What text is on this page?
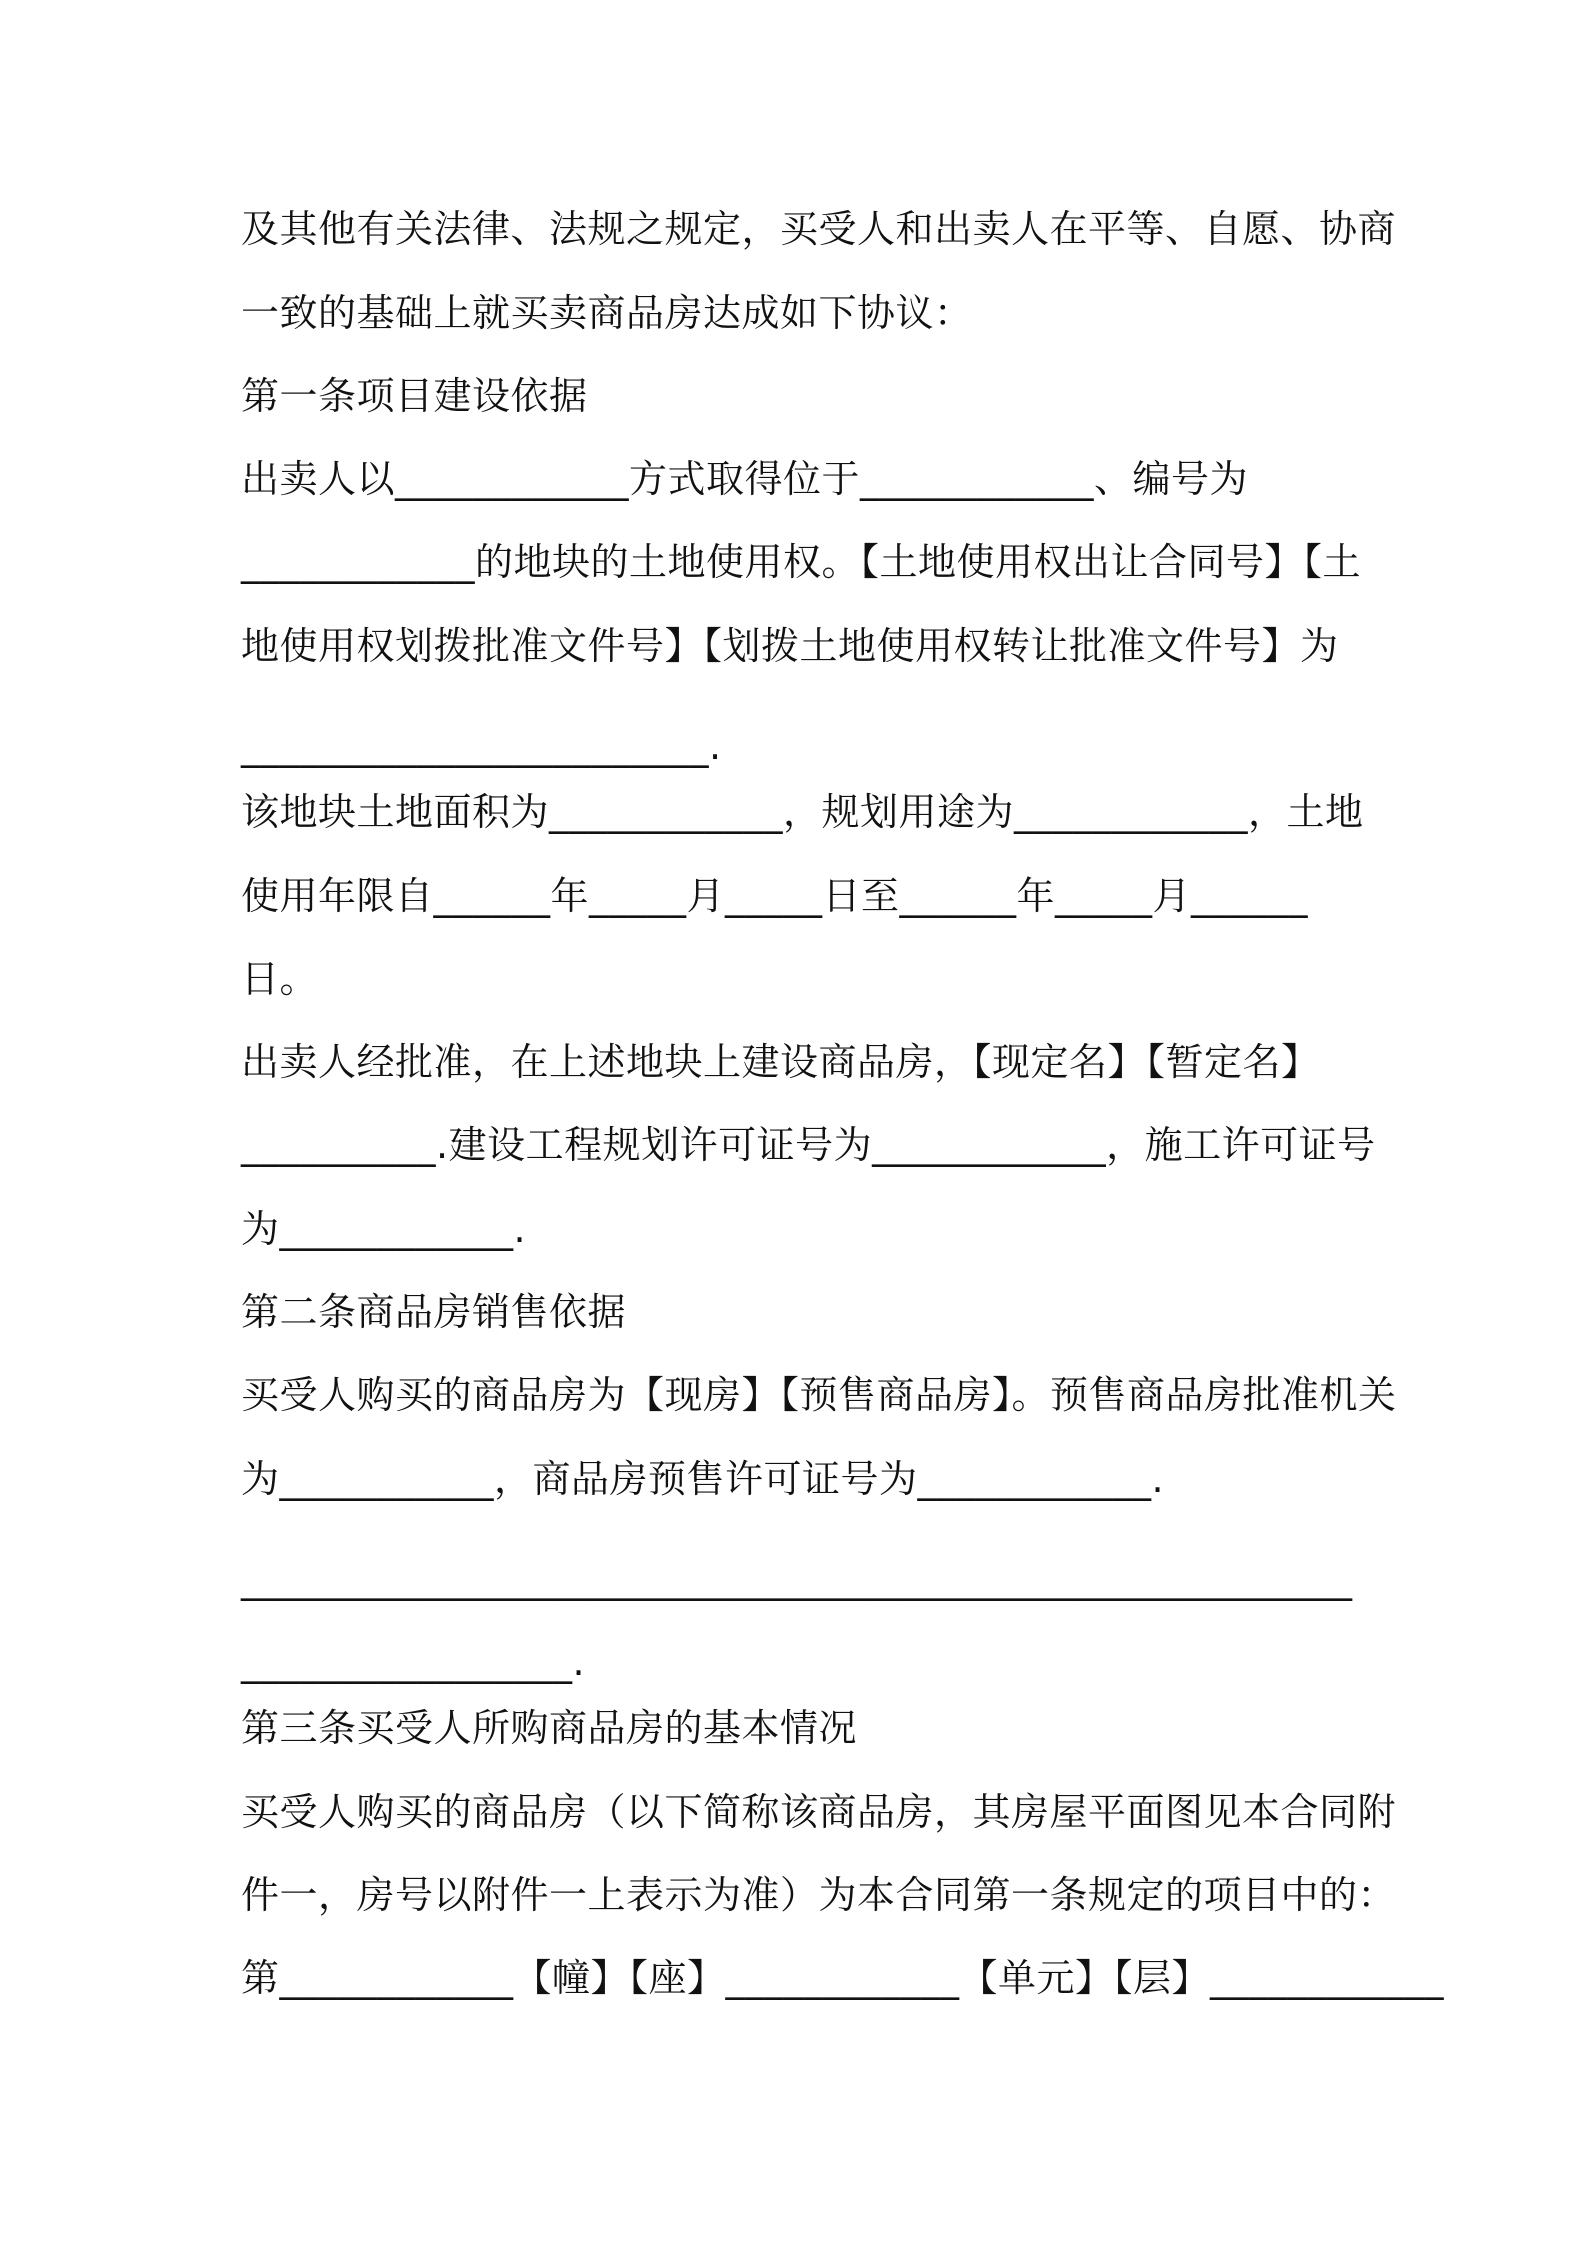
及其他有关法律、法规之规定，买受人和出卖人在平等、自愿、协商
一致的基础上就买卖商品房达成如下协议：
第一条项目建设依据
出卖人以____________方式取得位于____________、编号为
____________的地块的土地使用权。【土地使用权出让合同号】【土
地使用权划拨批准文件号】【划拨土地使用权转让批准文件号】为
________________________.
该地块土地面积为____________，规划用途为____________，土地
使用年限自______年_____月_____日至______年_____月______
日。
出卖人经批准，在上述地块上建设商品房，【现定名】【暂定名】
__________.建设工程规划许可证号为____________，施工许可证号
为____________.
第二条商品房销售依据
买受人购买的商品房为【现房】【预售商品房】。预售商品房批准机关
为___________，商品房预售许可证号为____________.
_________________________________________________________
_________________.
第三条买受人所购商品房的基本情况
买受人购买的商品房（以下简称该商品房，其房屋平面图见本合同附
件一，房号以附件一上表示为准）为本合同第一条规定的项目中的：
第____________【幢】【座】____________【单元】【层】____________
